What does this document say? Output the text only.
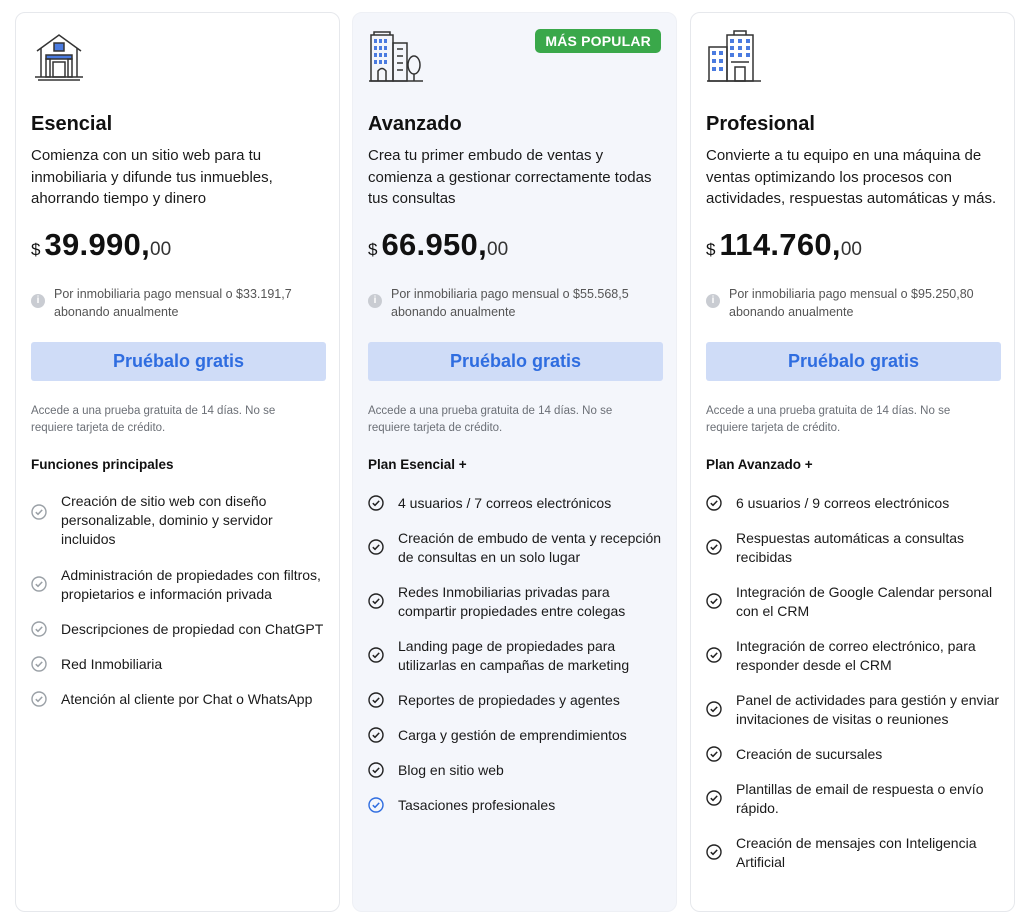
Esencial
Comienza con un sitio web para tu inmobiliaria y difunde tus inmuebles, ahorrando tiempo y dinero
$ 39.990,00
i	Por inmobiliaria pago mensual o $33.191,7 abonando anualmente
Pruébalo gratis
Accede a una prueba gratuita de 14 días. No se requiere tarjeta de crédito.
Funciones principales
Creación de sitio web con diseño personalizable, dominio y servidor incluidos
Administración de propiedades con filtros, propietarios e información privada
Descripciones de propiedad con ChatGPT
Red Inmobiliaria
Atención al cliente por Chat o WhatsApp
MÁS POPULAR
Avanzado
Crea tu primer embudo de ventas y comienza a gestionar correctamente todas tus consultas
$ 66.950,00
i	Por inmobiliaria pago mensual o $55.568,5 abonando anualmente
Pruébalo gratis
Accede a una prueba gratuita de 14 días. No se requiere tarjeta de crédito.
Plan Esencial +
4 usuarios / 7 correos electrónicos
Creación de embudo de venta y recepción de consultas en un solo lugar
Redes Inmobiliarias privadas para compartir propiedades entre colegas
Landing page de propiedades para utilizarlas en campañas de marketing
Reportes de propiedades y agentes
Carga y gestión de emprendimientos
Blog en sitio web
Tasaciones profesionales
Profesional
Convierte a tu equipo en una máquina de ventas optimizando los procesos con actividades, respuestas automáticas y más.
$ 114.760,00
i	Por inmobiliaria pago mensual o $95.250,80 abonando anualmente
Pruébalo gratis
Accede a una prueba gratuita de 14 días. No se requiere tarjeta de crédito.
Plan Avanzado +
6 usuarios / 9 correos electrónicos
Respuestas automáticas a consultas recibidas
Integración de Google Calendar personal con el CRM
Integración de correo electrónico, para responder desde el CRM
Panel de actividades para gestión y enviar invitaciones de visitas o reuniones
Creación de sucursales
Plantillas de email de respuesta o envío rápido.
Creación de mensajes con Inteligencia Artificial
